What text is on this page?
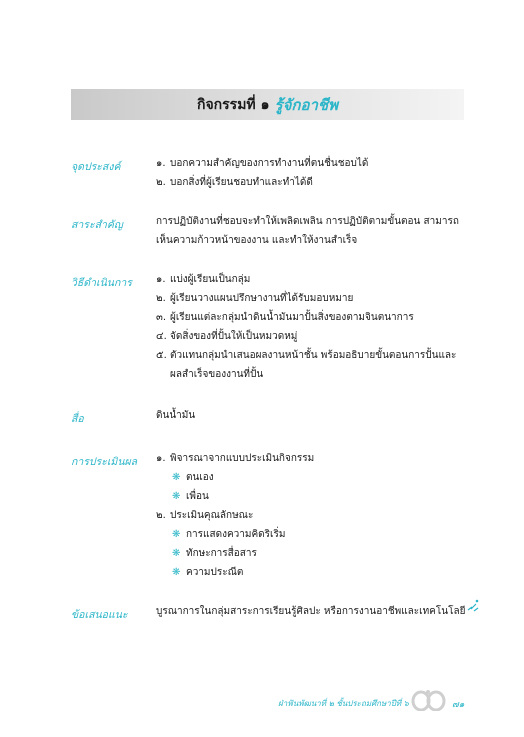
กิจกรรมที่ ๑ รู้จักอาชีพ
จุดประสงค์	๑. บอกความสำคัญของการทำงานที่ตนชื่นชอบได้
๒. บอกสิ่งที่ผู้เรียนชอบทำและทำได้ดี
สาระสำคัญ	การปฏิบัติงานที่ชอบจะทำให้เพลิดเพลิน การปฏิบัติตามขั้นตอน สามารถ
เห็นความก้าวหน้าของงาน และทำให้งานสำเร็จ
วิธีดำเนินการ ๑. แบ่งผู้เรียนเป็นกลุ่ม
๒. ผู้เรียนวางแผนปรึกษางานที่ได้รับมอบหมาย
๓. ผู้เรียนแต่ละกลุ่มนำดินน้ำมันมาปั้นสิ่งของตามจินตนาการ
๔. จัดสิ่งของที่ปั้นให้เป็นหมวดหมู่
๕. ตัวแทนกลุ่มนำเสนอผลงานหน้าชั้น พร้อมอธิบายขั้นตอนการปั้นและ
ผลสำเร็จของงานที่ปั้น
สื่อ	ดินน้ำมัน
การประเมินผล ๑. พิจารณาจากแบบประเมินกิจกรรม
❋ ตนเอง
❋ เพื่อน
๒. ประเมินคุณลักษณะ
❋ การแสดงความคิดริเริ่ม
❋ ทักษะการสื่อสาร
❋ ความประณีต
ข้อเสนอแนะ	บูรณาการในกลุ่มสาระการเรียนรู้ศิลปะ หรือการงานอาชีพและเทคโนโลยี
ฝ่าฟันพัฒนาที่ ๒ ชั้นประถมศึกษาปีที่ ๖	๗๑
